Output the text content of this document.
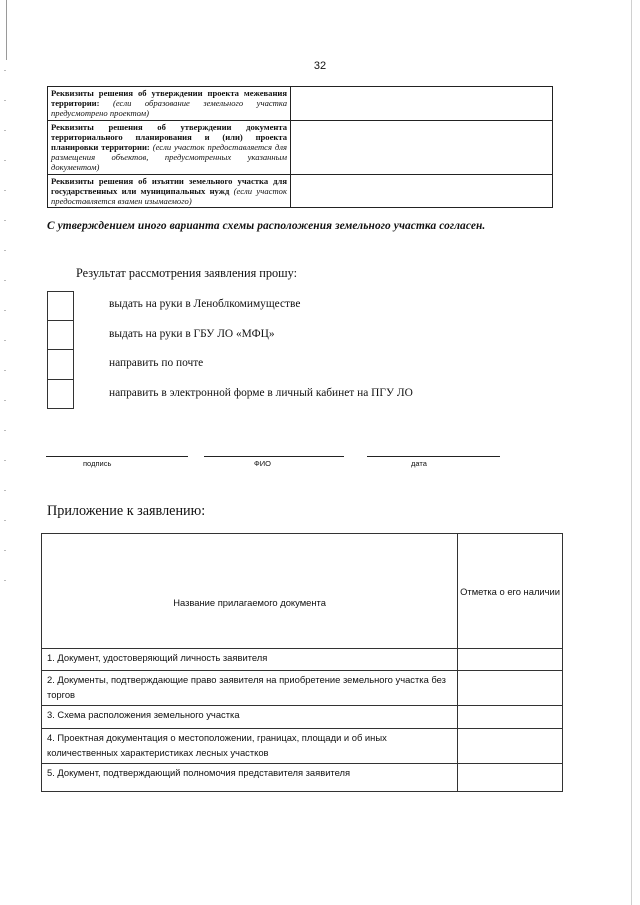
32
Реквизиты решения об утверждении проекта межевания территории: (если образование земельного участка предусмотрено проектом)	
Реквизиты решения об утверждении документа территориального планирования и (или) проекта планировки территории: (если участок предоставляется для размещения объектов, предусмотренных указанным документом)	
Реквизиты решения об изъятии земельного участка для государственных или муниципальных нужд (если участок предоставляется взамен изымаемого)	
С утверждением иного варианта схемы расположения земельного участка согласен.
Результат рассмотрения заявления прошу:
выдать на руки в Ленoблкомимуществе
выдать на руки в ГБУ ЛО «МФЦ»
направить по почте
направить в электронной форме в личный кабинет на ПГУ ЛО
подпись	ФИО	дата
Приложение к заявлению:
Название прилагаемого документа	Отметка о его наличии
1. Документ, удостоверяющий личность заявителя	
2. Документы, подтверждающие право заявителя на приобретение земельного участка без торгов	
3. Схема расположения земельного участка	
4. Проектная документация о местоположении, границах, площади и об иных количественных характеристиках лесных участков	
5. Документ, подтверждающий полномочия представителя заявителя	
